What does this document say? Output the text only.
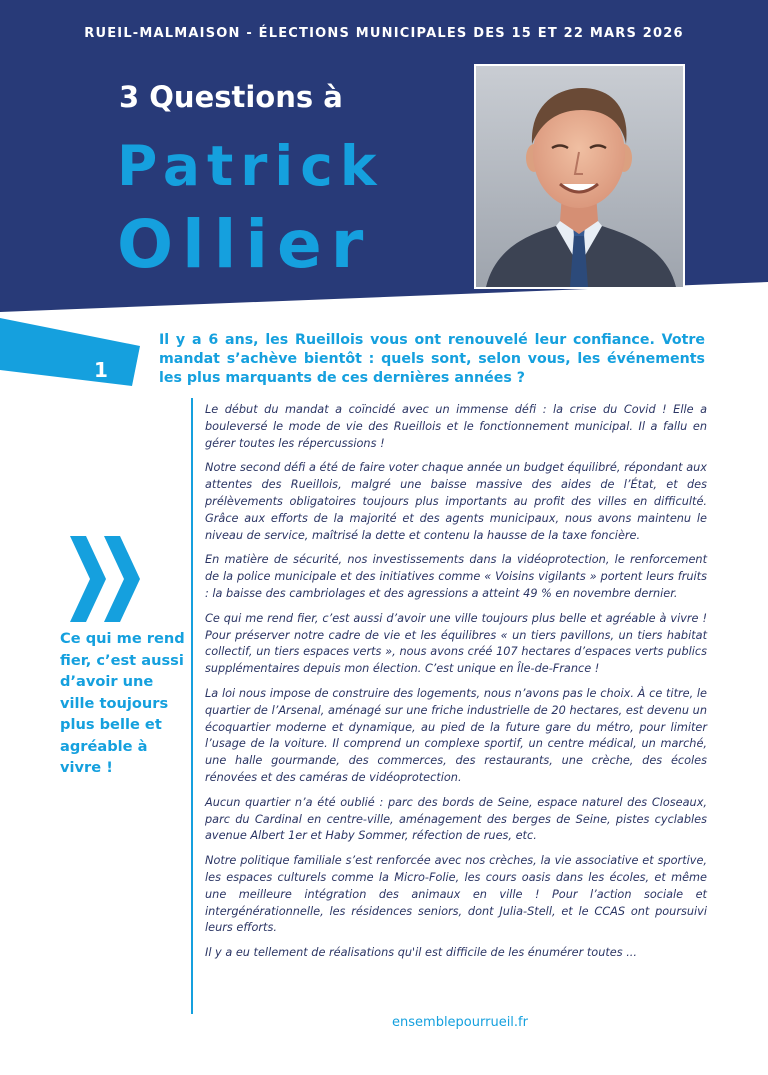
RUEIL-MALMAISON - ÉLECTIONS MUNICIPALES DES 15 ET 22 MARS 2026
3 Questions à
Patrick
Ollier
1
Il y a 6 ans, les Rueillois vous ont renouvelé leur confiance. Votre mandat s’achève bientôt : quels sont, selon vous, les événements les plus marquants de ces dernières années ?
Ce qui me rend fier, c’est aussi d’avoir une ville toujours plus belle et agréable à vivre !

Le début du mandat a coïncidé avec un immense défi : la crise du Covid ! Elle a bouleversé le mode de vie des Rueillois et le fonctionnement municipal. Il a fallu en gérer toutes les répercussions !

Notre second défi a été de faire voter chaque année un budget équilibré, répondant aux attentes des Rueillois, malgré une baisse massive des aides de l’État, et des prélèvements obligatoires toujours plus importants au profit des villes en difficulté. Grâce aux efforts de la majorité et des agents municipaux, nous avons maintenu le niveau de service, maîtrisé la dette et contenu la hausse de la taxe foncière.

En matière de sécurité, nos investissements dans la vidéoprotection, le renforcement de la police municipale et des initiatives comme « Voisins vigilants » portent leurs fruits : la baisse des cambriolages et des agressions a atteint 49 % en novembre dernier.

Ce qui me rend fier, c’est aussi d’avoir une ville toujours plus belle et agréable à vivre ! Pour préserver notre cadre de vie et les équilibres « un tiers pavillons, un tiers habitat collectif, un tiers espaces verts », nous avons créé 107 hectares d’espaces verts publics supplémentaires depuis mon élection. C’est unique en Île-de-France !

La loi nous impose de construire des logements, nous n’avons pas le choix. À ce titre, le quartier de l’Arsenal, aménagé sur une friche industrielle de 20 hectares, est devenu un écoquartier moderne et dynamique, au pied de la future gare du métro, pour limiter l’usage de la voiture. Il comprend un complexe sportif, un centre médical, un marché, une halle gourmande, des commerces, des restaurants, une crèche, des écoles rénovées et des caméras de vidéoprotection.

Aucun quartier n’a été oublié : parc des bords de Seine, espace naturel des Closeaux, parc du Cardinal en centre-ville, aménagement des berges de Seine, pistes cyclables avenue Albert 1er et Haby Sommer, réfection de rues, etc.

Notre politique familiale s’est renforcée avec nos crèches, la vie associative et sportive, les espaces culturels comme la Micro-Folie, les cours oasis dans les écoles, et même une meilleure intégration des animaux en ville ! Pour l’action sociale et intergénérationnelle, les résidences seniors, dont Julia-Stell, et le CCAS ont poursuivi leurs efforts.

Il y a eu tellement de réalisations qu'il est difficile de les énumérer toutes ...

ensemblepourrueil.fr
